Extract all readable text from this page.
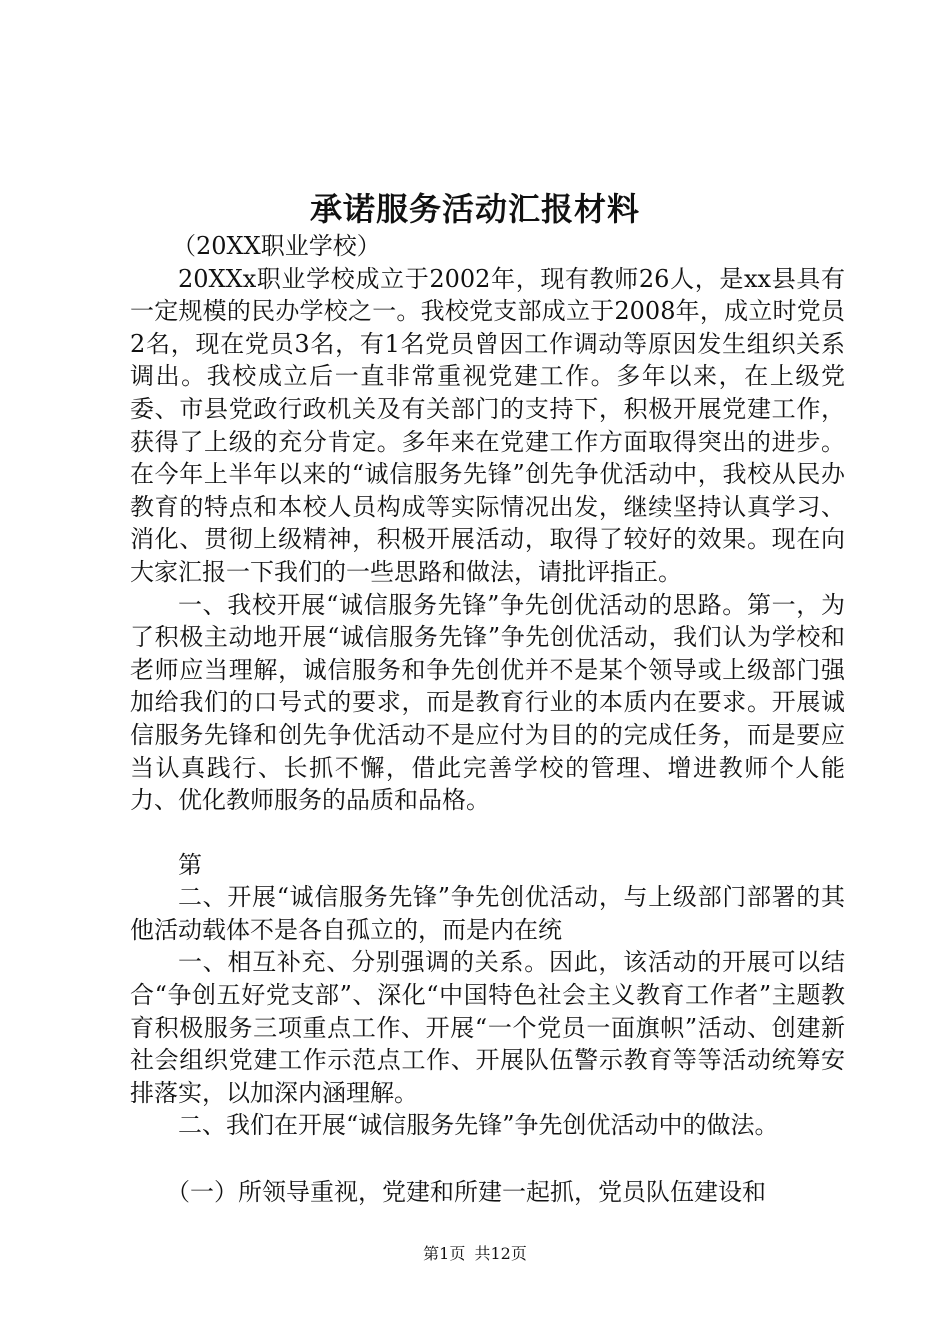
承诺服务活动汇报材料

（20XX职业学校）

20XXx职业学校成立于2002年，现有教师26人，是xx县具有一定规模的民办学校之一。我校党支部成立于2008年，成立时党员2名，现在党员3名，有1名党员曾因工作调动等原因发生组织关系调出。我校成立后一直非常重视党建工作。多年以来，在上级党委、市县党政行政机关及有关部门的支持下，积极开展党建工作，获得了上级的充分肯定。多年来在党建工作方面取得突出的进步。在今年上半年以来的“诚信服务先锋”创先争优活动中，我校从民办教育的特点和本校人员构成等实际情况出发，继续坚持认真学习、消化、贯彻上级精神，积极开展活动，取得了较好的效果。现在向大家汇报一下我们的一些思路和做法，请批评指正。

一、我校开展“诚信服务先锋”争先创优活动的思路。第一，为了积极主动地开展“诚信服务先锋”争先创优活动，我们认为学校和老师应当理解，诚信服务和争先创优并不是某个领导或上级部门强加给我们的口号式的要求，而是教育行业的本质内在要求。开展诚信服务先锋和创先争优活动不是应付为目的的完成任务，而是要应当认真践行、长抓不懈，借此完善学校的管理、增进教师个人能力、优化教师服务的品质和品格。

第

二、开展“诚信服务先锋”争先创优活动，与上级部门部署的其他活动载体不是各自孤立的，而是内在统

一、相互补充、分别强调的关系。因此，该活动的开展可以结合“争创五好党支部”、深化“中国特色社会主义教育工作者”主题教育积极服务三项重点工作、开展“一个党员一面旗帜”活动、创建新社会组织党建工作示范点工作、开展队伍警示教育等等活动统筹安排落实，以加深内涵理解。

二、我们在开展“诚信服务先锋”争先创优活动中的做法。

（一）所领导重视，党建和所建一起抓，党员队伍建设和

第1页 共12页
